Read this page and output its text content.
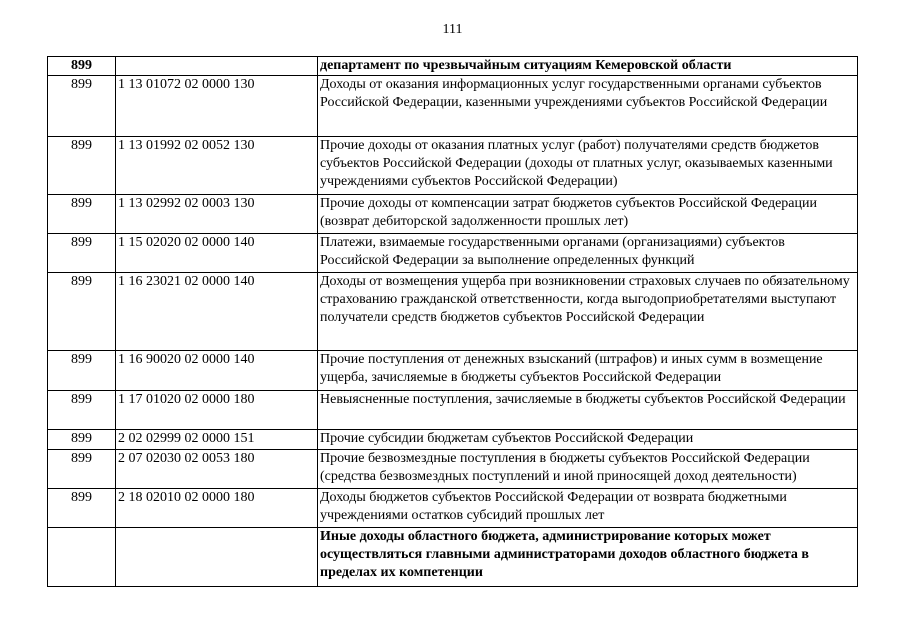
111
899		департамент по чрезвычайным ситуациям Кемеровской области
899	1 13 01072 02 0000 130	Доходы от оказания информационных услуг государственными органами субъектов Российской Федерации, казенными учреждениями субъектов Российской Федерации
899	1 13 01992 02 0052 130	Прочие доходы от оказания платных услуг (работ) получателями средств бюджетов субъектов Российской Федерации (доходы от платных услуг, оказываемых казенными учреждениями субъектов Российской Федерации)
899	1 13 02992 02 0003 130	Прочие доходы от компенсации затрат бюджетов субъектов Российской Федерации (возврат дебиторской задолженности прошлых лет)
899	1 15 02020 02 0000 140	Платежи, взимаемые государственными органами (организациями) субъектов Российской Федерации за выполнение определенных функций
899	1 16 23021 02 0000 140	Доходы от возмещения ущерба при возникновении страховых случаев по обязательному страхованию гражданской ответственности, когда выгодоприобретателями выступают получатели средств бюджетов субъектов Российской Федерации
899	1 16 90020 02 0000 140	Прочие поступления от денежных взысканий (штрафов) и иных сумм в возмещение ущерба, зачисляемые в бюджеты субъектов Российской Федерации
899	1 17 01020 02 0000 180	Невыясненные поступления, зачисляемые в бюджеты субъектов Российской Федерации
899	2 02 02999 02 0000 151	Прочие субсидии бюджетам субъектов Российской Федерации
899	2 07 02030 02 0053 180	Прочие безвозмездные поступления в бюджеты субъектов Российской Федерации (средства безвозмездных поступлений и иной приносящей доход деятельности)
899	2 18 02010 02 0000 180	Доходы бюджетов субъектов Российской Федерации от возврата бюджетными учреждениями остатков субсидий прошлых лет
		Иные доходы областного бюджета, администрирование которых может осуществляться главными администраторами доходов областного бюджета в пределах их компетенции
